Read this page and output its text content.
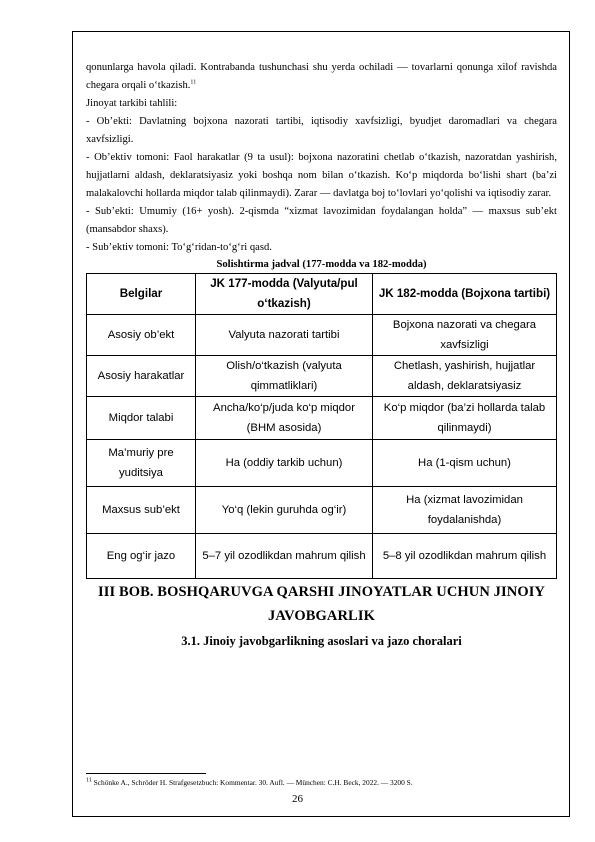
qonunlarga havola qiladi. Kontrabanda tushunchasi shu yerda ochiladi — tovarlarni qonunga xilof ravishda chegara orqali o‘tkazish.$^{11}$

Jinoyat tarkibi tahlili:

- Ob’ekti: Davlatning bojxona nazorati tartibi, iqtisodiy xavfsizligi, byudjet daromadlari va chegara xavfsizligi.

- Ob’ektiv tomoni: Faol harakatlar (9 ta usul): bojxona nazoratini chetlab o‘tkazish, nazoratdan yashirish, hujjatlarni aldash, deklaratsiyasiz yoki boshqa nom bilan o‘tkazish. Ko‘p miqdorda bo‘lishi shart (ba’zi malakalovchi hollarda miqdor talab qilinmaydi). Zarar — davlatga boj to‘lovlari yo‘qolishi va iqtisodiy zarar.

- Sub’ekti: Umumiy (16+ yosh). 2-qismda “xizmat lavozimidan foydalangan holda” — maxsus sub’ekt (mansabdor shaxs).

- Sub’ektiv tomoni: To‘g‘ridan-to‘g‘ri qasd.

Solishtirma jadval (177-modda va 182-modda)
Belgilar	JK 177-modda (Valyuta/pul o‘tkazish)	JK 182-modda (Bojxona tartibi)
Asosiy ob’ekt	Valyuta nazorati tartibi	Bojxona nazorati va chegara xavfsizligi
Asosiy harakatlar	Olish/o‘tkazish (valyuta qimmatliklari)	Chetlash, yashirish, hujjatlar aldash, deklaratsiyasiz
Miqdor talabi	Ancha/ko‘p/juda ko‘p miqdor (BHM asosida)	Ko‘p miqdor (ba’zi hollarda talab qilinmaydi)
Ma’muriy pre yuditsiya	Ha (oddiy tarkib uchun)	Ha (1-qism uchun)
Maxsus sub’ekt	Yo‘q (lekin guruhda og‘ir)	Ha (xizmat lavozimidan foydalanishda)
Eng og‘ir jazo	5–7 yil ozodlikdan mahrum qilish	5–8 yil ozodlikdan mahrum qilish
III BOB. BOSHQARUVGA QARSHI JINOYATLAR UCHUN JINOIY JAVOBGARLIK
3.1. Jinoiy javobgarlikning asoslari va jazo choralari
$^{11}$ Schönke A., Schröder H. Strafgesetzbuch: Kommentar. 30. Aufl. — München: C.H. Beck, 2022. — 3200 S.
26
